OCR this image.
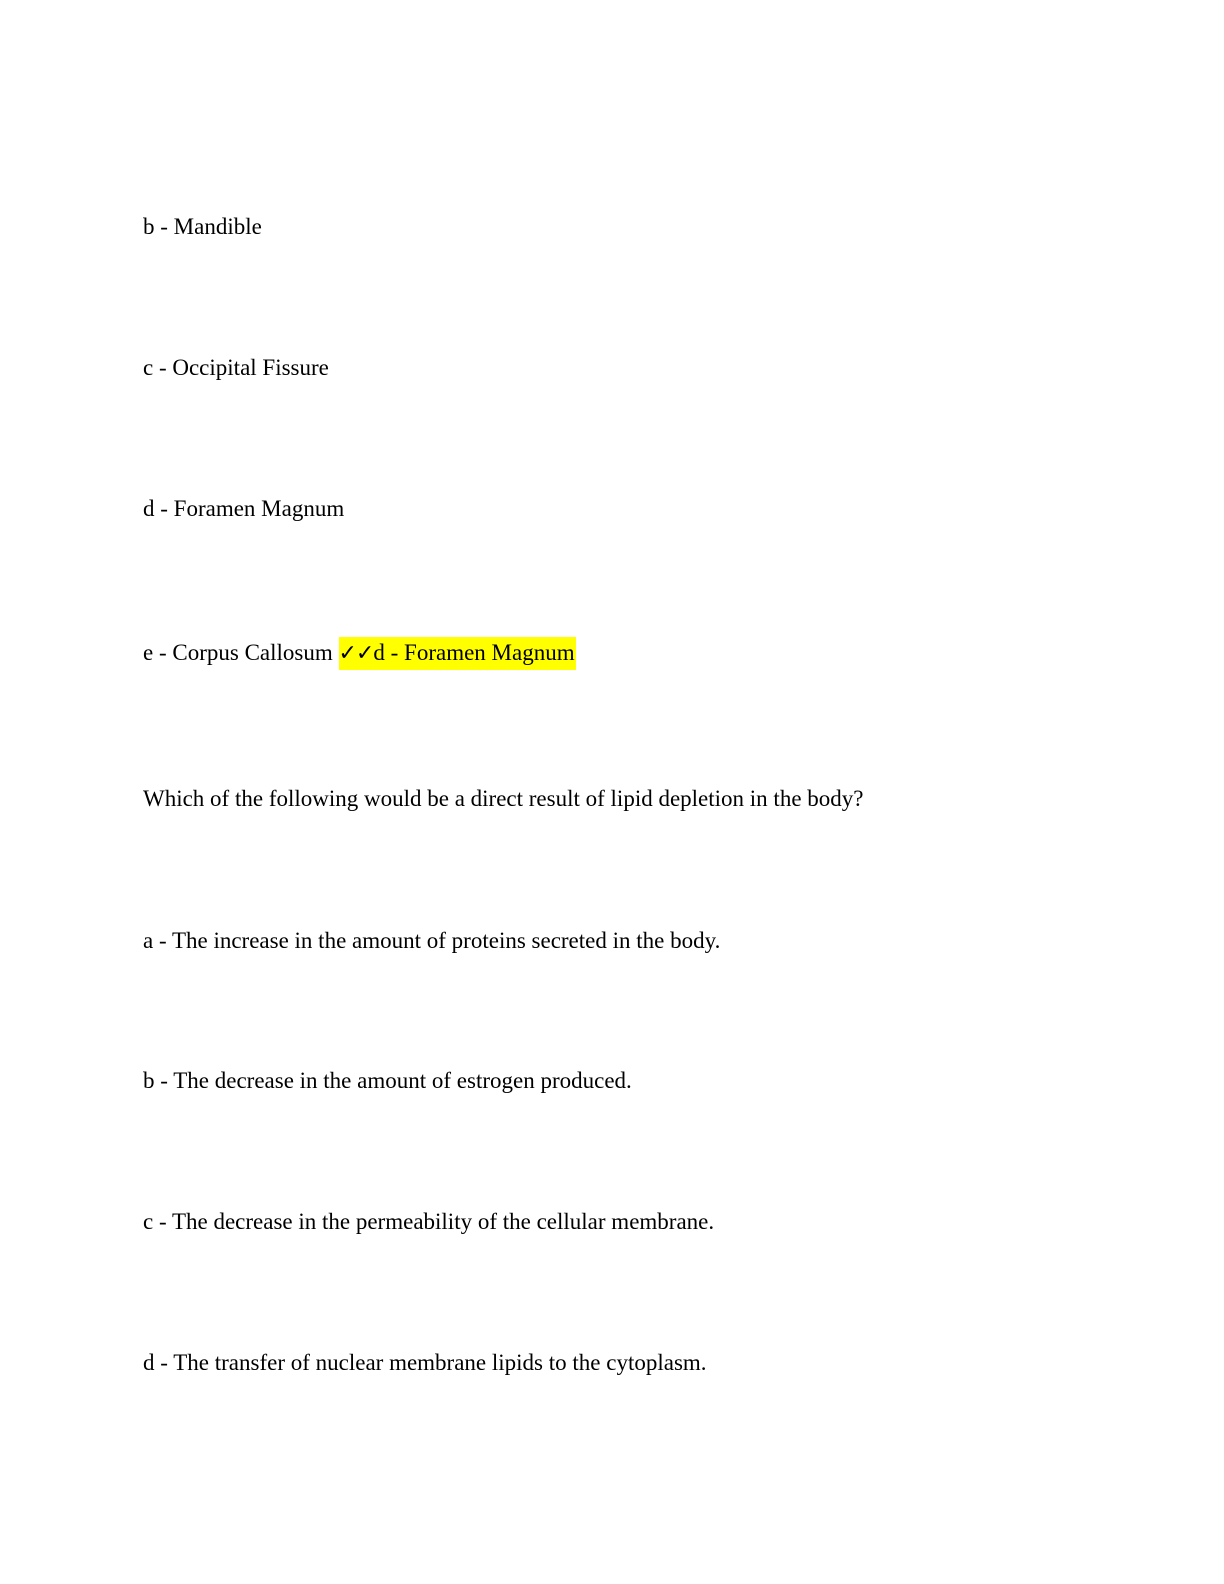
b - Mandible
c - Occipital Fissure
d - Foramen Magnum
e - Corpus Callosum ✓✓d - Foramen Magnum
Which of the following would be a direct result of lipid depletion in the body?
a - The increase in the amount of proteins secreted in the body.
b - The decrease in the amount of estrogen produced.
c - The decrease in the permeability of the cellular membrane.
d - The transfer of nuclear membrane lipids to the cytoplasm.
